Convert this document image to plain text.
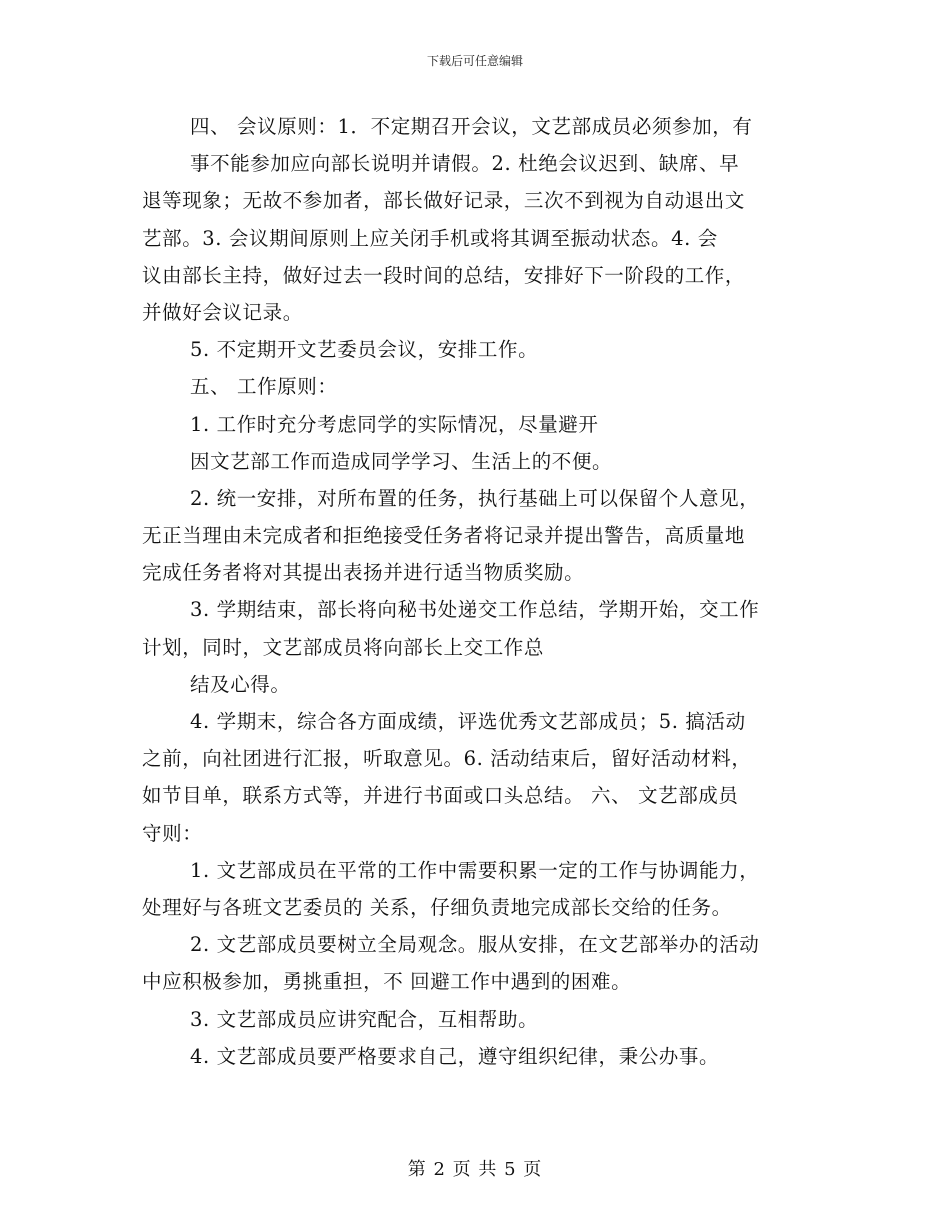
下载后可任意编辑
四、 会议原则：1．不定期召开会议，文艺部成员必须参加，有
事不能参加应向部长说明并请假。2. 杜绝会议迟到、缺席、早
退等现象；无故不参加者，部长做好记录，三次不到视为自动退出文
艺部。3. 会议期间原则上应关闭手机或将其调至振动状态。4. 会
议由部长主持，做好过去一段时间的总结，安排好下一阶段的工作，
并做好会议记录。
5. 不定期开文艺委员会议，安排工作。
五、 工作原则：
1. 工作时充分考虑同学的实际情况，尽量避开
因文艺部工作而造成同学学习、生活上的不便。
2. 统一安排，对所布置的任务，执行基础上可以保留个人意见，
无正当理由未完成者和拒绝接受任务者将记录并提出警告，高质量地
完成任务者将对其提出表扬并进行适当物质奖励。
3. 学期结束，部长将向秘书处递交工作总结，学期开始，交工作
计划，同时，文艺部成员将向部长上交工作总
结及心得。
4. 学期末，综合各方面成绩，评选优秀文艺部成员；5. 搞活动
之前，向社团进行汇报，听取意见。6. 活动结束后，留好活动材料，
如节目单，联系方式等，并进行书面或口头总结。 六、 文艺部成员
守则：
1. 文艺部成员在平常的工作中需要积累一定的工作与协调能力，
处理好与各班文艺委员的 关系，仔细负责地完成部长交给的任务。
2. 文艺部成员要树立全局观念。服从安排，在文艺部举办的活动
中应积极参加，勇挑重担，不 回避工作中遇到的困难。
3. 文艺部成员应讲究配合，互相帮助。
4. 文艺部成员要严格要求自己，遵守组织纪律，秉公办事。
第 2 页 共 5 页
